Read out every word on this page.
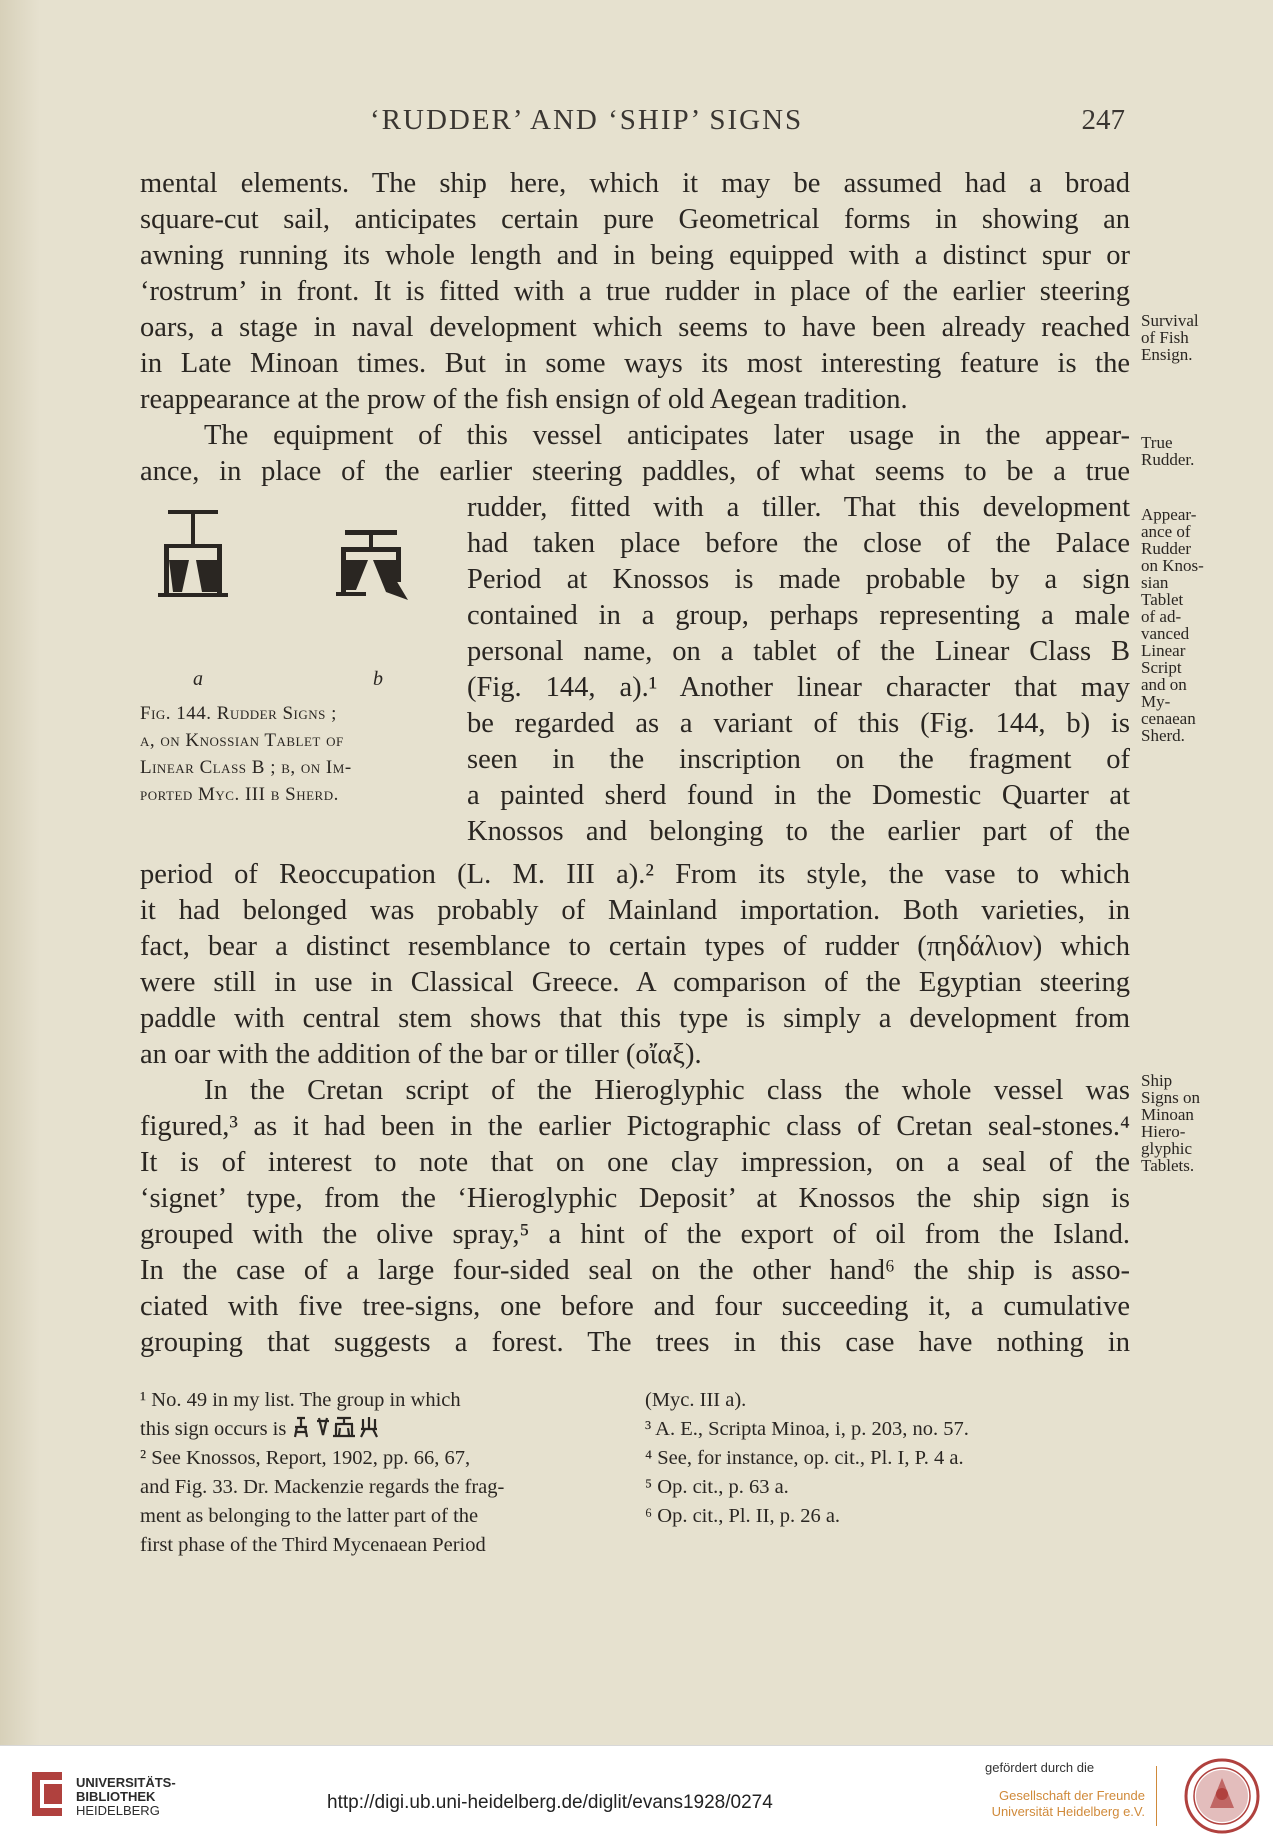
‘RUDDER’ AND ‘SHIP’ SIGNS	247
mental elements. The ship here, which it may be assumed had a broad
square-cut sail, anticipates certain pure Geometrical forms in showing an
awning running its whole length and in being equipped with a distinct spur or
‘rostrum’ in front. It is fitted with a true rudder in place of the earlier steering
oars, a stage in naval development which seems to have been already reached
in Late Minoan times. But in some ways its most interesting feature is the
reappearance at the prow of the fish ensign of old Aegean tradition.
The equipment of this vessel anticipates later usage in the appear-
ance, in place of the earlier steering paddles, of what seems to be a true
a	b
Fig. 144. Rudder Signs ;
a, on Knossian Tablet of
Linear Class B ; b, on Im-
ported Myc. III b Sherd.
rudder, fitted with a tiller. That this development
had taken place before the close of the Palace
Period at Knossos is made probable by a sign
contained in a group, perhaps representing a male
personal name, on a tablet of the Linear Class B
(Fig. 144, a).¹ Another linear character that may
be regarded as a variant of this (Fig. 144, b) is
seen in the inscription on the fragment of
a painted sherd found in the Domestic Quarter at
Knossos and belonging to the earlier part of the
period of Reoccupation (L. M. III a).² From its style, the vase to which
it had belonged was probably of Mainland importation. Both varieties, in
fact, bear a distinct resemblance to certain types of rudder (πηδάλιον) which
were still in use in Classical Greece. A comparison of the Egyptian steering
paddle with central stem shows that this type is simply a development from
an oar with the addition of the bar or tiller (οἴαξ).
In the Cretan script of the Hieroglyphic class the whole vessel was
figured,³ as it had been in the earlier Pictographic class of Cretan seal-stones.⁴
It is of interest to note that on one clay impression, on a seal of the
‘signet’ type, from the ‘Hieroglyphic Deposit’ at Knossos the ship sign is
grouped with the olive spray,⁵ a hint of the export of oil from the Island.
In the case of a large four-sided seal on the other hand⁶ the ship is asso-
ciated with five tree-signs, one before and four succeeding it, a cumulative
grouping that suggests a forest. The trees in this case have nothing in
Survival
of Fish
Ensign.
True
Rudder.
Appear-
ance of
Rudder
on Knos-
sian
Tablet
of ad-
vanced
Linear
Script
and on
My-
cenaean
Sherd.
Ship
Signs on
Minoan
Hiero-
glyphic
Tablets.
¹ No. 49 in my list. The group in which
this sign occurs is
² See Knossos, Report, 1902, pp. 66, 67,
and Fig. 33. Dr. Mackenzie regards the frag-
ment as belonging to the latter part of the
first phase of the Third Mycenaean Period
(Myc. III a).
³ A. E., Scripta Minoa, i, p. 203, no. 57.
⁴ See, for instance, op. cit., Pl. I, P. 4 a.
⁵ Op. cit., p. 63 a.
⁶ Op. cit., Pl. II, p. 26 a.
UNIVERSITÄTS-
BIBLIOTHEK
HEIDELBERG	http://digi.ub.uni-heidelberg.de/diglit/evans1928/0274
gefördert durch die
Gesellschaft der Freunde
Universität Heidelberg e.V.
